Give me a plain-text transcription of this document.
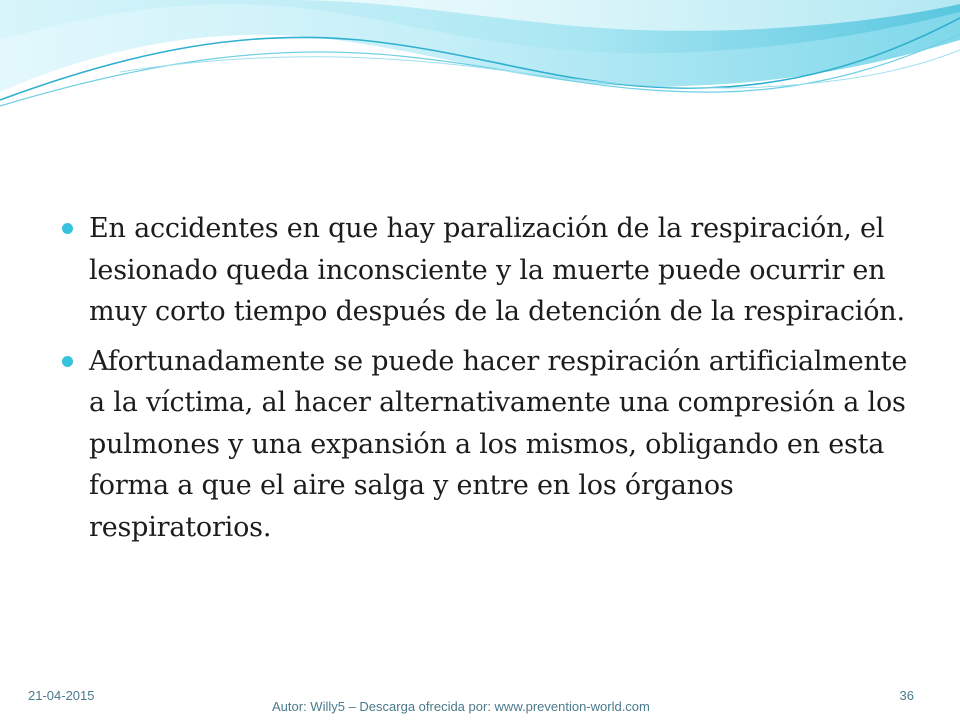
En accidentes en que hay paralización de la respiración, el lesionado queda inconsciente y la muerte puede ocurrir en muy corto tiempo después de la detención de la respiración.
Afortunadamente se puede hacer respiración artificialmente a la víctima, al hacer alternativamente una compresión a los pulmones y una expansión a los mismos, obligando en esta forma a que el aire salga y entre en los órganos respiratorios.
21-04-2015
Autor: Willy5 – Descarga ofrecida por: www.prevention-world.com
36
